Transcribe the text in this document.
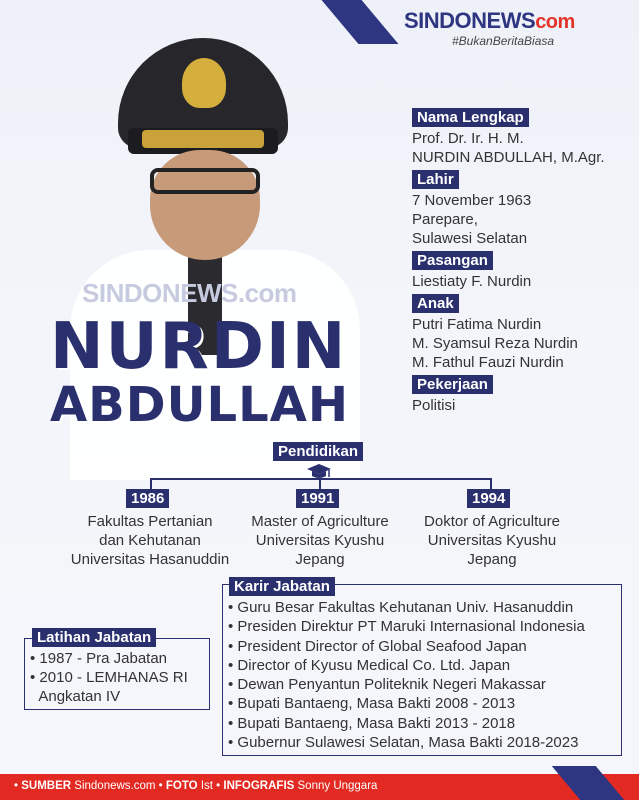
SINDONEWScom
#BukanBeritaBiasa
SINDONEWS.com
NURDIN
ABDULLAH
Nama Lengkap
Prof. Dr. Ir. H. M.
NURDIN ABDULLAH, M.Agr.
Lahir
7 November 1963
Parepare,
Sulawesi Selatan
Pasangan
Liestiaty F. Nurdin
Anak
Putri Fatima Nurdin
M. Syamsul Reza Nurdin
M. Fathul Fauzi Nurdin
Pekerjaan
Politisi
Pendidikan
1986	1991	1994
Fakultas Pertanian
dan Kehutanan
Universitas Hasanuddin
Master of Agriculture
Universitas Kyushu
Jepang
Doktor of Agriculture
Universitas Kyushu
Jepang
Karir Jabatan
• Guru Besar Fakultas Kehutanan Univ. Hasanuddin
• Presiden Direktur PT Maruki Internasional Indonesia
• President Director of Global Seafood Japan
• Director of Kyusu Medical Co. Ltd. Japan
• Dewan Penyantun Politeknik Negeri Makassar
• Bupati Bantaeng, Masa Bakti 2008 - 2013
• Bupati Bantaeng, Masa Bakti 2013 - 2018
• Gubernur Sulawesi Selatan, Masa Bakti 2018-2023
Latihan Jabatan
• 1987 - Pra Jabatan
• 2010 - LEMHANAS RI
Angkatan IV
• SUMBER Sindonews.com • FOTO Ist • INFOGRAFIS Sonny Unggara
